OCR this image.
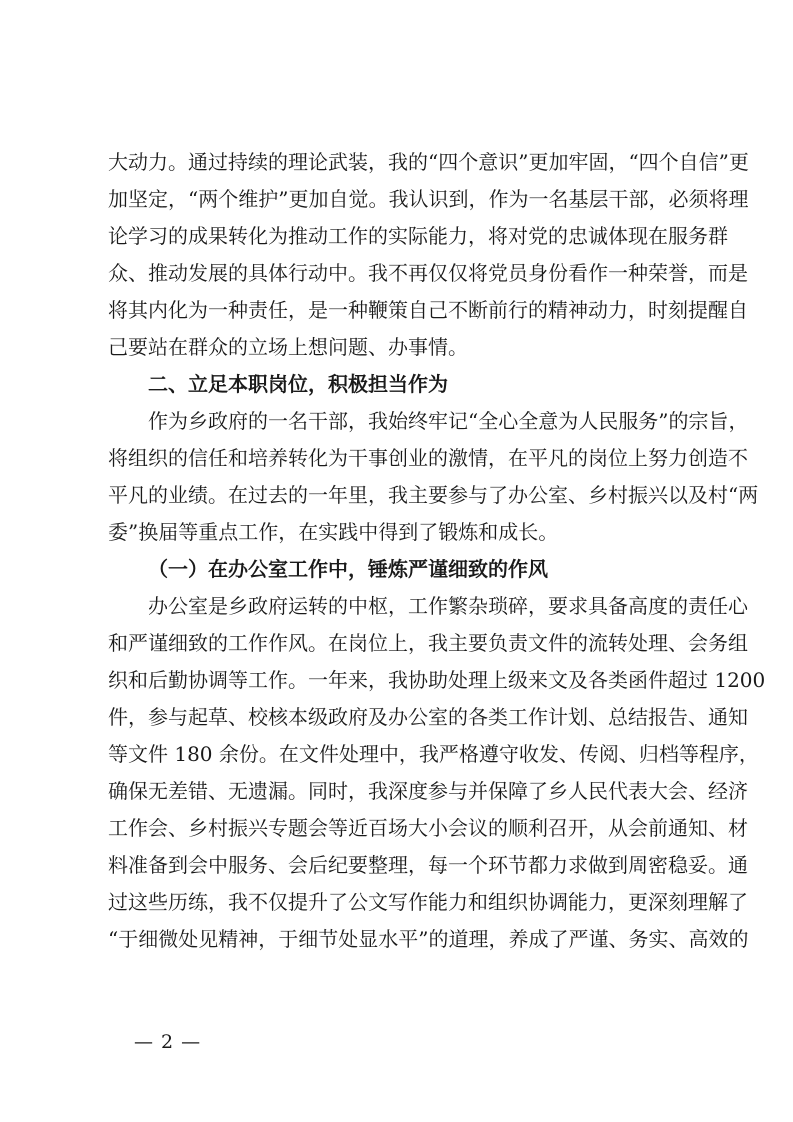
大动力。通过持续的理论武装，我的“四个意识”更加牢固，“四个自信”更
加坚定，“两个维护”更加自觉。我认识到，作为一名基层干部，必须将理
论学习的成果转化为推动工作的实际能力，将对党的忠诚体现在服务群
众、推动发展的具体行动中。我不再仅仅将党员身份看作一种荣誉，而是
将其内化为一种责任，是一种鞭策自己不断前行的精神动力，时刻提醒自
己要站在群众的立场上想问题、办事情。
二、立足本职岗位，积极担当作为
作为乡政府的一名干部，我始终牢记“全心全意为人民服务”的宗旨，
将组织的信任和培养转化为干事创业的激情，在平凡的岗位上努力创造不
平凡的业绩。在过去的一年里，我主要参与了办公室、乡村振兴以及村“两
委”换届等重点工作，在实践中得到了锻炼和成长。
（一）在办公室工作中，锤炼严谨细致的作风
办公室是乡政府运转的中枢，工作繁杂琐碎，要求具备高度的责任心
和严谨细致的工作作风。在岗位上，我主要负责文件的流转处理、会务组
织和后勤协调等工作。一年来，我协助处理上级来文及各类函件超过 1200
件，参与起草、校核本级政府及办公室的各类工作计划、总结报告、通知
等文件 180 余份。在文件处理中，我严格遵守收发、传阅、归档等程序，
确保无差错、无遗漏。同时，我深度参与并保障了乡人民代表大会、经济
工作会、乡村振兴专题会等近百场大小会议的顺利召开，从会前通知、材
料准备到会中服务、会后纪要整理，每一个环节都力求做到周密稳妥。通
过这些历练，我不仅提升了公文写作能力和组织协调能力，更深刻理解了
“于细微处见精神，于细节处显水平”的道理，养成了严谨、务实、高效的
— 2 —
